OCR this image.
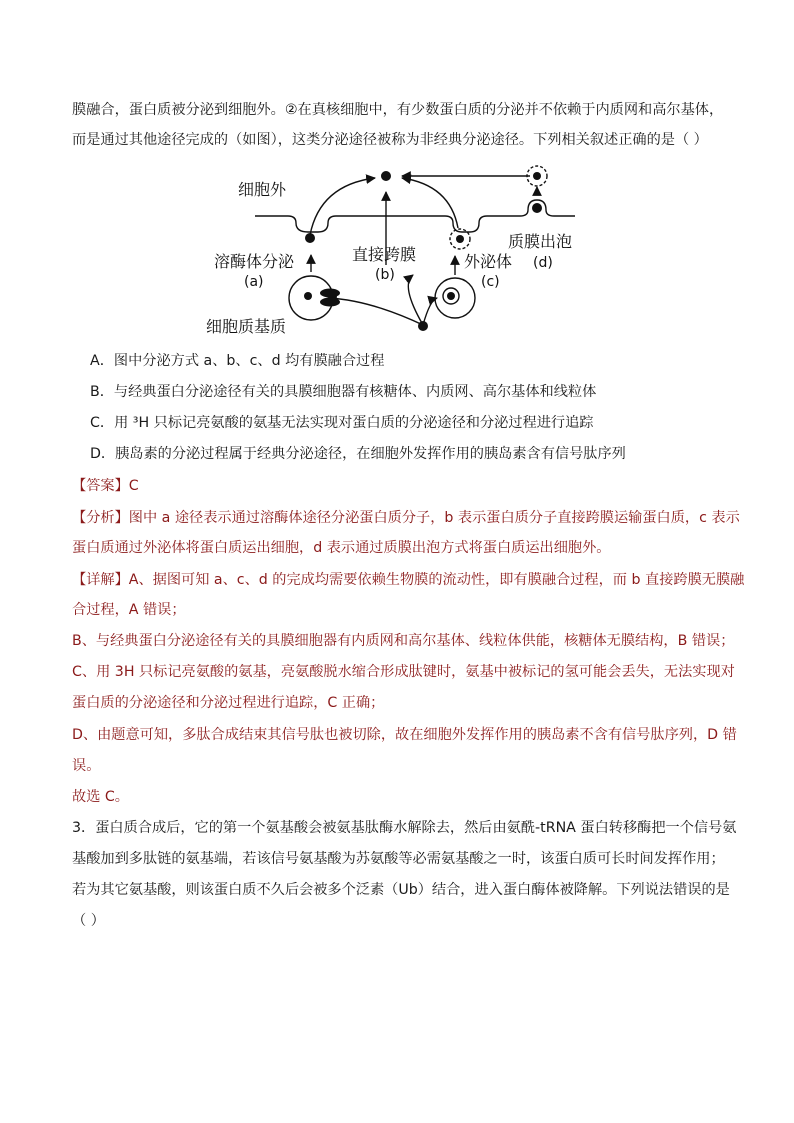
膜融合，蛋白质被分泌到细胞外。②在真核细胞中，有少数蛋白质的分泌并不依赖于内质网和高尔基体，
而是通过其他途径完成的（如图），这类分泌途径被称为非经典分泌途径。下列相关叙述正确的是（ ）
细胞外
溶酶体分泌
(a)
直接跨膜
(b)
外泌体
(c)
质膜出泡
(d)
细胞质基质
A．图中分泌方式 a、b、c、d 均有膜融合过程
B．与经典蛋白分泌途径有关的具膜细胞器有核糖体、内质网、高尔基体和线粒体
C．用 ³H 只标记亮氨酸的氨基无法实现对蛋白质的分泌途径和分泌过程进行追踪
D．胰岛素的分泌过程属于经典分泌途径，在细胞外发挥作用的胰岛素含有信号肽序列
【答案】C
【分析】图中 a 途径表示通过溶酶体途径分泌蛋白质分子，b 表示蛋白质分子直接跨膜运输蛋白质，c 表示
蛋白质通过外泌体将蛋白质运出细胞，d 表示通过质膜出泡方式将蛋白质运出细胞外。
【详解】A、据图可知 a、c、d 的完成均需要依赖生物膜的流动性，即有膜融合过程，而 b 直接跨膜无膜融
合过程，A 错误；
B、与经典蛋白分泌途径有关的具膜细胞器有内质网和高尔基体、线粒体供能，核糖体无膜结构，B 错误；
C、用 3H 只标记亮氨酸的氨基，亮氨酸脱水缩合形成肽键时，氨基中被标记的氢可能会丢失，无法实现对
蛋白质的分泌途径和分泌过程进行追踪，C 正确；
D、由题意可知，多肽合成结束其信号肽也被切除，故在细胞外发挥作用的胰岛素不含有信号肽序列，D 错
误。
故选 C。
3．蛋白质合成后，它的第一个氨基酸会被氨基肽酶水解除去，然后由氨酰-tRNA 蛋白转移酶把一个信号氨
基酸加到多肽链的氨基端，若该信号氨基酸为苏氨酸等必需氨基酸之一时，该蛋白质可长时间发挥作用；
若为其它氨基酸，则该蛋白质不久后会被多个泛素（Ub）结合，进入蛋白酶体被降解。下列说法错误的是
（ ）
